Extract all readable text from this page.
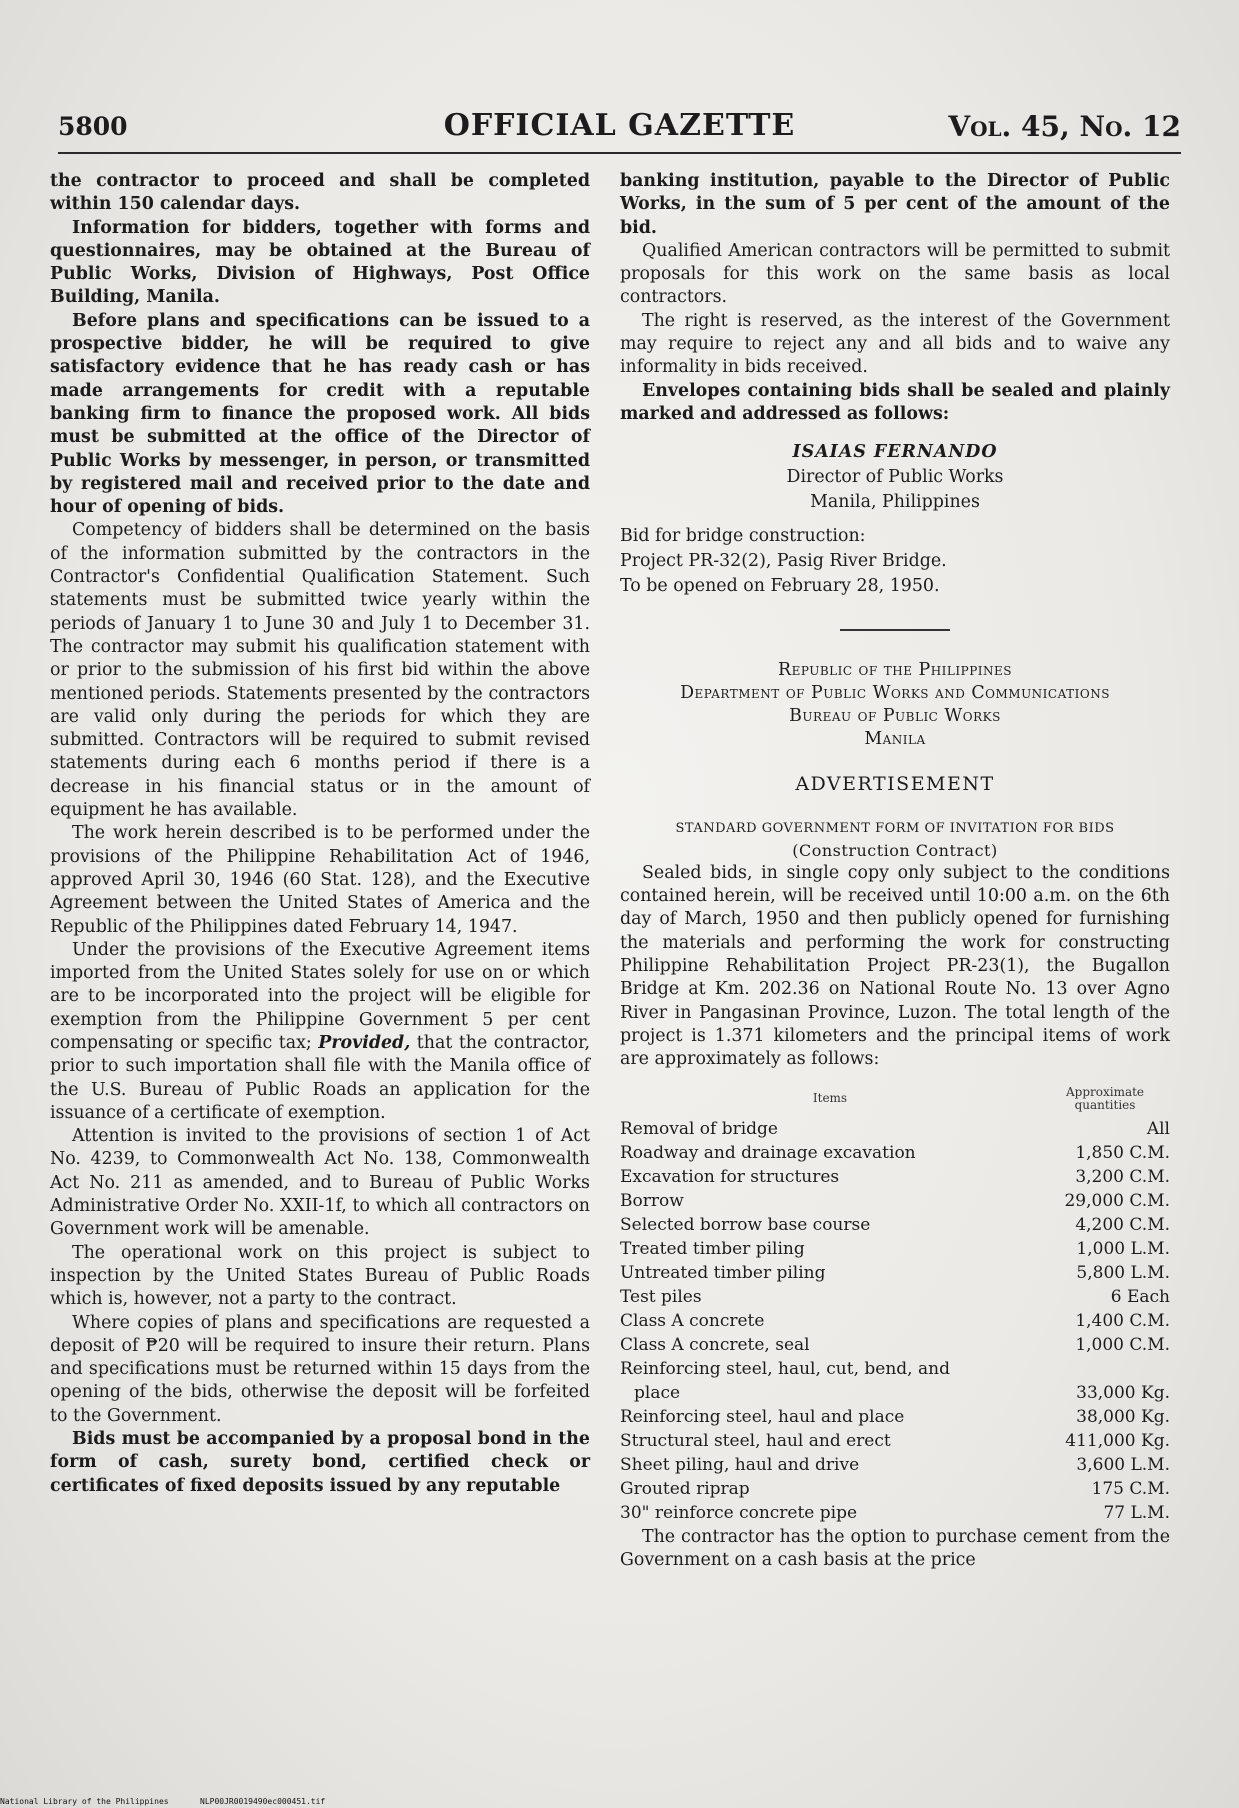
5800	OFFICIAL GAZETTE	Vol. 45, No. 12

the contractor to proceed and shall be completed within 150 calendar days.

Information for bidders, together with forms and questionnaires, may be obtained at the Bureau of Public Works, Division of Highways, Post Office Building, Manila.

Before plans and specifications can be issued to a prospective bidder, he will be required to give satisfactory evidence that he has ready cash or has made arrangements for credit with a reputable banking firm to finance the proposed work. All bids must be submitted at the office of the Director of Public Works by messenger, in person, or transmitted by registered mail and received prior to the date and hour of opening of bids.

Competency of bidders shall be determined on the basis of the information submitted by the contractors in the Contractor's Confidential Qualification Statement. Such statements must be submitted twice yearly within the periods of January 1 to June 30 and July 1 to December 31. The contractor may submit his qualification statement with or prior to the submission of his first bid within the above mentioned periods. Statements presented by the contractors are valid only during the periods for which they are submitted. Contractors will be required to submit revised statements during each 6 months period if there is a decrease in his financial status or in the amount of equipment he has available.

The work herein described is to be performed under the provisions of the Philippine Rehabilitation Act of 1946, approved April 30, 1946 (60 Stat. 128), and the Executive Agreement between the United States of America and the Republic of the Philippines dated February 14, 1947.

Under the provisions of the Executive Agreement items imported from the United States solely for use on or which are to be incorporated into the project will be eligible for exemption from the Philippine Government 5 per cent compensating or specific tax; Provided, that the contractor, prior to such importation shall file with the Manila office of the U.S. Bureau of Public Roads an application for the issuance of a certificate of exemption.

Attention is invited to the provisions of section 1 of Act No. 4239, to Commonwealth Act No. 138, Commonwealth Act No. 211 as amended, and to Bureau of Public Works Administrative Order No. XXII-1f, to which all contractors on Government work will be amenable.

The operational work on this project is subject to inspection by the United States Bureau of Public Roads which is, however, not a party to the contract.

Where copies of plans and specifications are requested a deposit of ₱20 will be required to insure their return. Plans and specifications must be returned within 15 days from the opening of the bids, otherwise the deposit will be forfeited to the Government.

Bids must be accompanied by a proposal bond in the form of cash, surety bond, certified check or certificates of fixed deposits issued by any reputable

banking institution, payable to the Director of Public Works, in the sum of 5 per cent of the amount of the bid.

Qualified American contractors will be permitted to submit proposals for this work on the same basis as local contractors.

The right is reserved, as the interest of the Government may require to reject any and all bids and to waive any informality in bids received.

Envelopes containing bids shall be sealed and plainly marked and addressed as follows:

ISAIAS FERNANDO
Director of Public Works
Manila, Philippines

Bid for bridge construction:

Project PR-32(2), Pasig River Bridge.

To be opened on February 28, 1950.

Republic of the Philippines
Department of Public Works and Communications
Bureau of Public Works
Manila
ADVERTISEMENT
STANDARD GOVERNMENT FORM OF INVITATION FOR BIDS
(Construction Contract)

Sealed bids, in single copy only subject to the conditions contained herein, will be received until 10:00 a.m. on the 6th day of March, 1950 and then publicly opened for furnishing the materials and performing the work for constructing Philippine Rehabilitation Project PR-23(1), the Bugallon Bridge at Km. 202.36 on National Route No. 13 over Agno River in Pangasinan Province, Luzon. The total length of the project is 1.371 kilometers and the principal items of work are approximately as follows:

Items	Approximate
quantities
Removal of bridge	All
Roadway and drainage excavation	1,850 C.M.
Excavation for structures	3,200 C.M.
Borrow	29,000 C.M.
Selected borrow base course	4,200 C.M.
Treated timber piling	1,000 L.M.
Untreated timber piling	5,800 L.M.
Test piles	6 Each
Class A concrete	1,400 C.M.
Class A concrete, seal	1,000 C.M.
Reinforcing steel, haul, cut, bend, and	
place	33,000 Kg.
Reinforcing steel, haul and place	38,000 Kg.
Structural steel, haul and erect	411,000 Kg.
Sheet piling, haul and drive	3,600 L.M.
Grouted riprap	175 C.M.
30" reinforce concrete pipe	77 L.M.

The contractor has the option to purchase cement from the Government on a cash basis at the price

National Library of the Philippines	NLP00JR0019490ec000451.tif
